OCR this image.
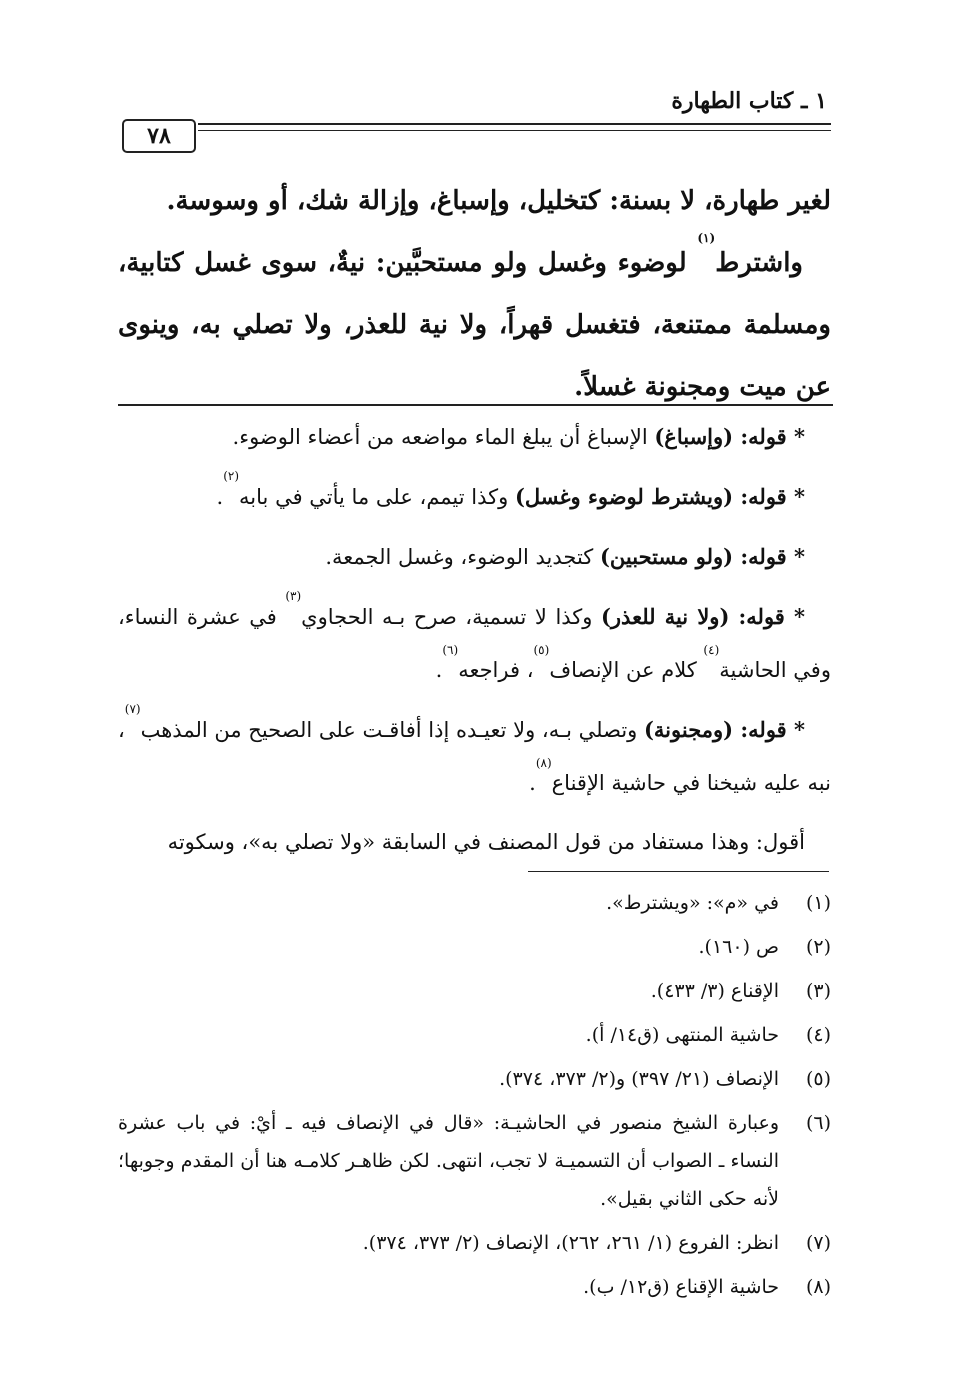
١ ـ كتاب الطهارة
٧٨

لغير طهارة، لا بسنة: كتخليل، وإسباغ، وإزالة شك، أو وسوسة.

واشترط$^{(١)}$ لوضوء وغسل ولو مستحبَّين: نيةٌ، سوى غسل كتابية، ومسلمة ممتنعة، فتغسل قهراً، ولا نية للعذر، ولا تصلي به، وينوى عن ميت ومجنونة غسلاً.

* قوله: (وإسباغ) الإسباغ أن يبلغ الماء مواضعه من أعضاء الوضوء.

* قوله: (ويشترط لوضوء وغسل) وكذا تيمم، على ما يأتي في بابه$^{(٢)}$.

* قوله: (ولو مستحبين) كتجديد الوضوء، وغسل الجمعة.

* قوله: (ولا نية للعذر) وكذا لا تسمية، صرح بـه الحجاوي$^{(٣)}$ في عشرة النساء، وفي الحاشية$^{(٤)}$ كلام عن الإنصاف$^{(٥)}$، فراجعه$^{(٦)}$.

* قوله: (ومجنونة) وتصلي بـه، ولا تعيـده إذا أفاقـت على الصحيح من المذهب$^{(٧)}$، نبه عليه شيخنا في حاشية الإقناع$^{(٨)}$.

أقول: وهذا مستفاد من قول المصنف في السابقة «ولا تصلي به»، وسكوته

(١)
في «م»: «ويشترط».
(٢)
ص (١٦٠).
(٣)
الإقناع (٣/ ٤٣٣).
(٤)
حاشية المنتهى (ق١٤/ أ).
(٥)
الإنصاف (٢١/ ٣٩٧) و(٢/ ٣٧٣، ٣٧٤).
(٦)
وعبارة الشيخ منصور في الحاشيـة: «قال في الإنصاف فيه ـ أيْ: في باب عشرة النساء ـ الصواب أن التسميـة لا تجب، انتهى. لكن ظاهـر كلامـه هنا أن المقدم وجوبها؛ لأنه حكى الثاني بقيل».
(٧)
انظر: الفروع (١/ ٢٦١، ٢٦٢)، الإنصاف (٢/ ٣٧٣، ٣٧٤).
(٨)
حاشية الإقناع (ق١٢/ ب).
